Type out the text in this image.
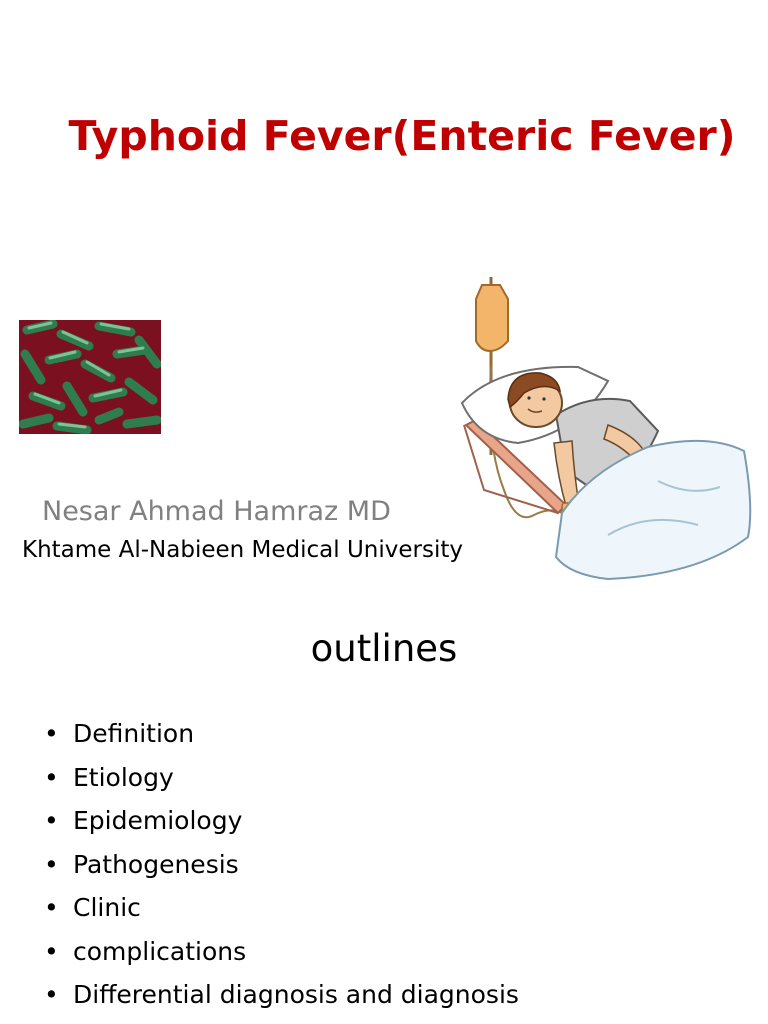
Typhoid Fever(Enteric Fever)
Nesar Ahmad Hamraz MD
Khtame Al-Nabieen Medical University
outlines
• Definition
• Etiology
• Epidemiology
• Pathogenesis
• Clinic
• complications
• Differential diagnosis and diagnosis
